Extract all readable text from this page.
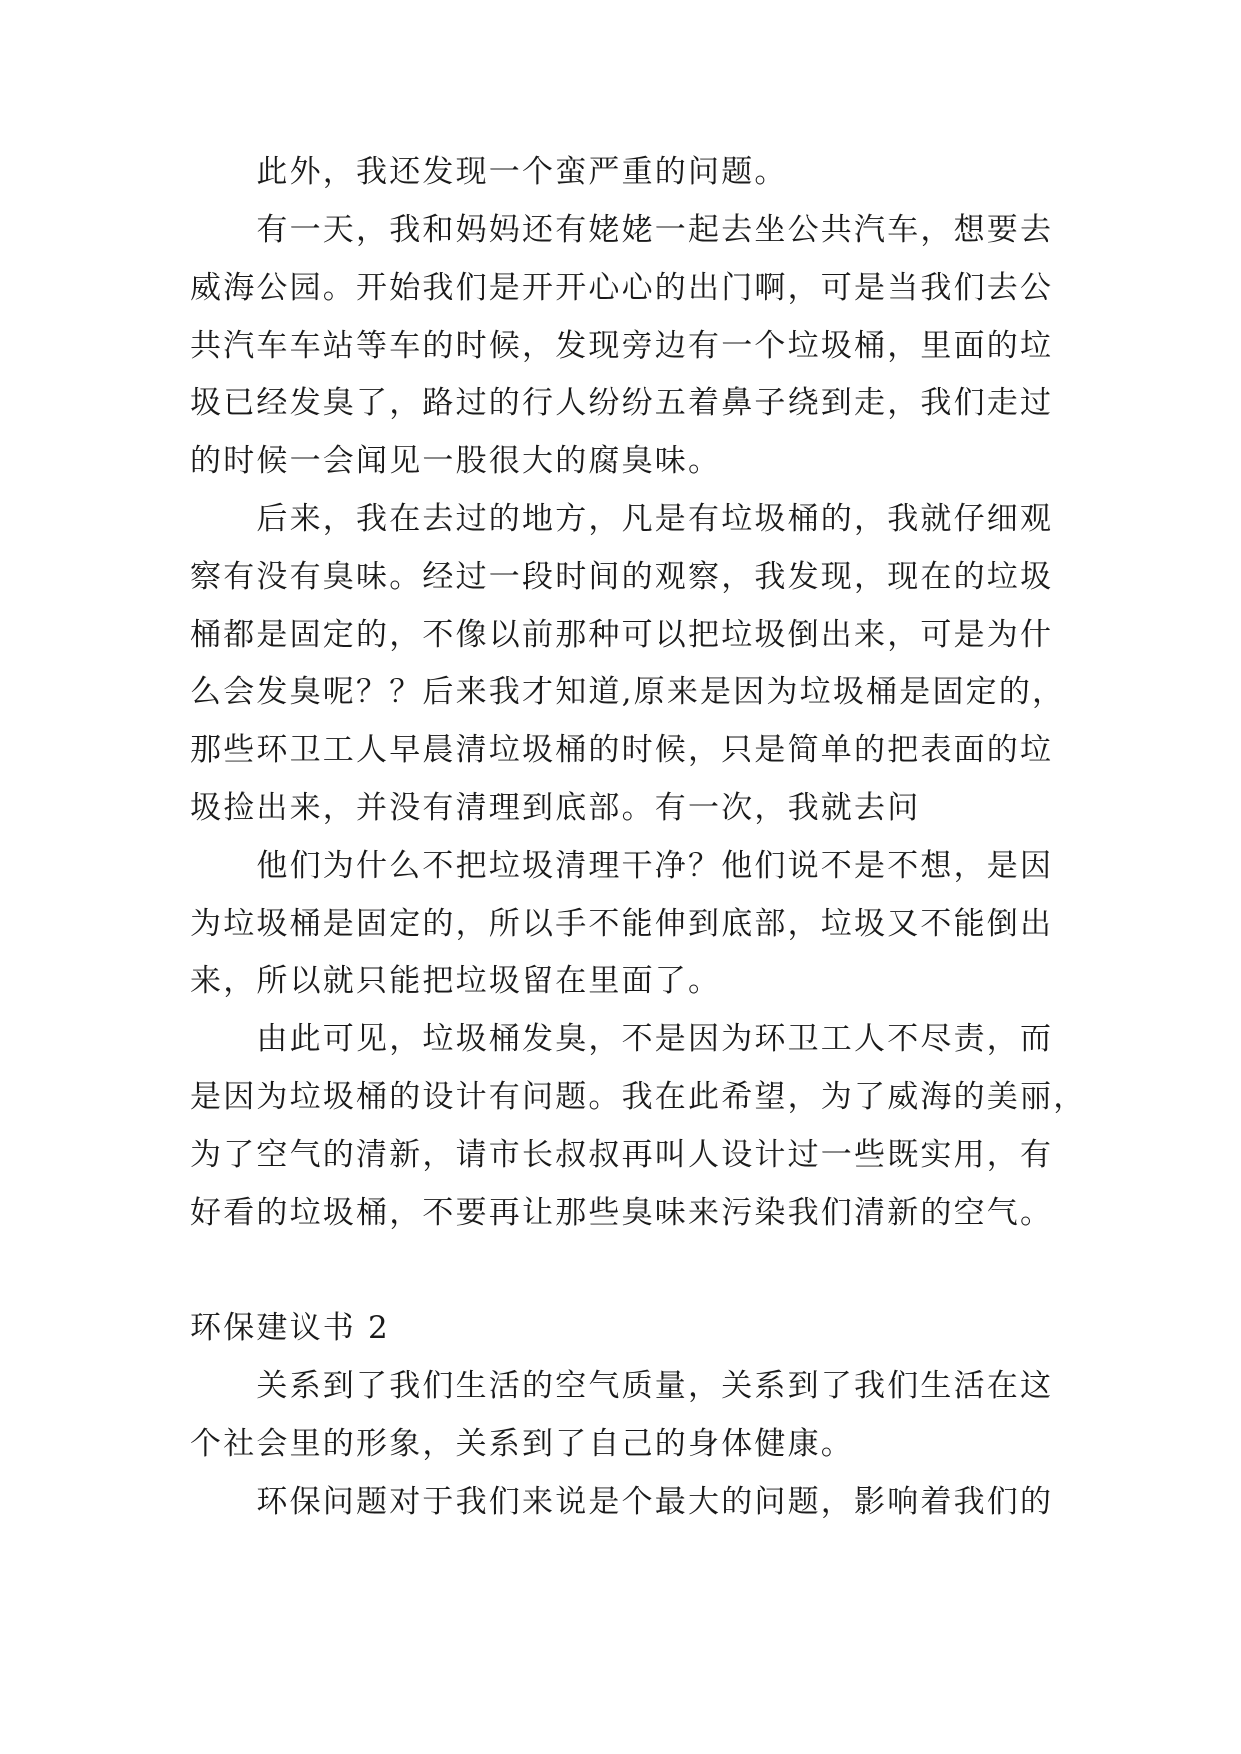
　　此外，我还发现一个蛮严重的问题。
　　有一天，我和妈妈还有姥姥一起去坐公共汽车，想要去
威海公园。开始我们是开开心心的出门啊，可是当我们去公
共汽车车站等车的时候，发现旁边有一个垃圾桶，里面的垃
圾已经发臭了，路过的行人纷纷五着鼻子绕到走，我们走过
的时候一会闻见一股很大的腐臭味。
　　后来，我在去过的地方，凡是有垃圾桶的，我就仔细观
察有没有臭味。经过一段时间的观察，我发现，现在的垃圾
桶都是固定的，不像以前那种可以把垃圾倒出来，可是为什
么会发臭呢？？后来我才知道,原来是因为垃圾桶是固定的，
那些环卫工人早晨清垃圾桶的时候，只是简单的把表面的垃
圾捡出来，并没有清理到底部。有一次，我就去问
　　他们为什么不把垃圾清理干净？他们说不是不想，是因
为垃圾桶是固定的，所以手不能伸到底部，垃圾又不能倒出
来，所以就只能把垃圾留在里面了。
　　由此可见，垃圾桶发臭，不是因为环卫工人不尽责，而
是因为垃圾桶的设计有问题。我在此希望，为了威海的美丽，
为了空气的清新，请市长叔叔再叫人设计过一些既实用，有
好看的垃圾桶，不要再让那些臭味来污染我们清新的空气。
环保建议书 2
　　关系到了我们生活的空气质量，关系到了我们生活在这
个社会里的形象，关系到了自己的身体健康。
　　环保问题对于我们来说是个最大的问题，影响着我们的
